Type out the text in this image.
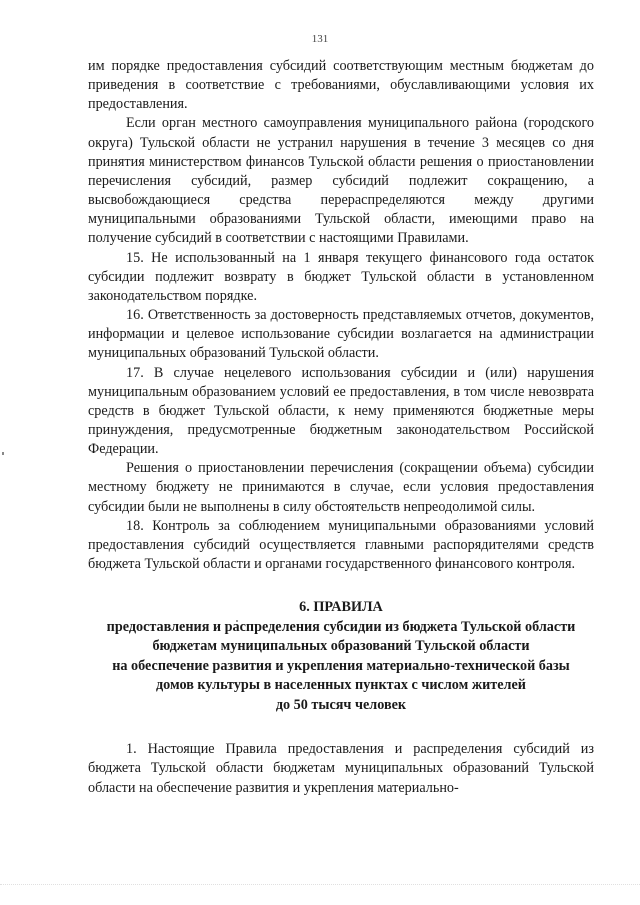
131

им порядке предоставления субсидий соответствующим местным бюджетам до приведения в соответствие с требованиями, обуславливающими условия их предоставления.

Если орган местного самоуправления муниципального района (городского округа) Тульской области не устранил нарушения в течение 3 месяцев со дня принятия министерством финансов Тульской области решения о приостановлении перечисления субсидий, размер субсидий подлежит сокращению, а высвобождающиеся средства перераспределяются между другими муниципальными образованиями Тульской области, имеющими право на получение субсидий в соответствии с настоящими Правилами.

15. Не использованный на 1 января текущего финансового года остаток субсидии подлежит возврату в бюджет Тульской области в установленном законодательством порядке.

16. Ответственность за достоверность представляемых отчетов, документов, информации и целевое использование субсидии возлагается на администрации муниципальных образований Тульской области.

17. В случае нецелевого использования субсидии и (или) нарушения муниципальным образованием условий ее предоставления, в том числе невозврата средств в бюджет Тульской области, к нему применяются бюджетные меры принуждения, предусмотренные бюджетным законодательством Российской Федерации.

Решения о приостановлении перечисления (сокращении объема) субсидии местному бюджету не принимаются в случае, если условия предоставления субсидии были не выполнены в силу обстоятельств непреодолимой силы.

18. Контроль за соблюдением муниципальными образованиями условий предоставления субсидий осуществляется главными распорядителями средств бюджета Тульской области и органами государственного финансового контроля.

6. ПРАВИЛА
предоставления и распределения субсидии из бюджета Тульской области
бюджетам муниципальных образований Тульской области
на обеспечение развития и укрепления материально-технической базы
домов культуры в населенных пунктах с числом жителей
до 50 тысяч человек

1. Настоящие Правила предоставления и распределения субсидий из бюджета Тульской области бюджетам муниципальных образований Тульской области на обеспечение развития и укрепления материально-
